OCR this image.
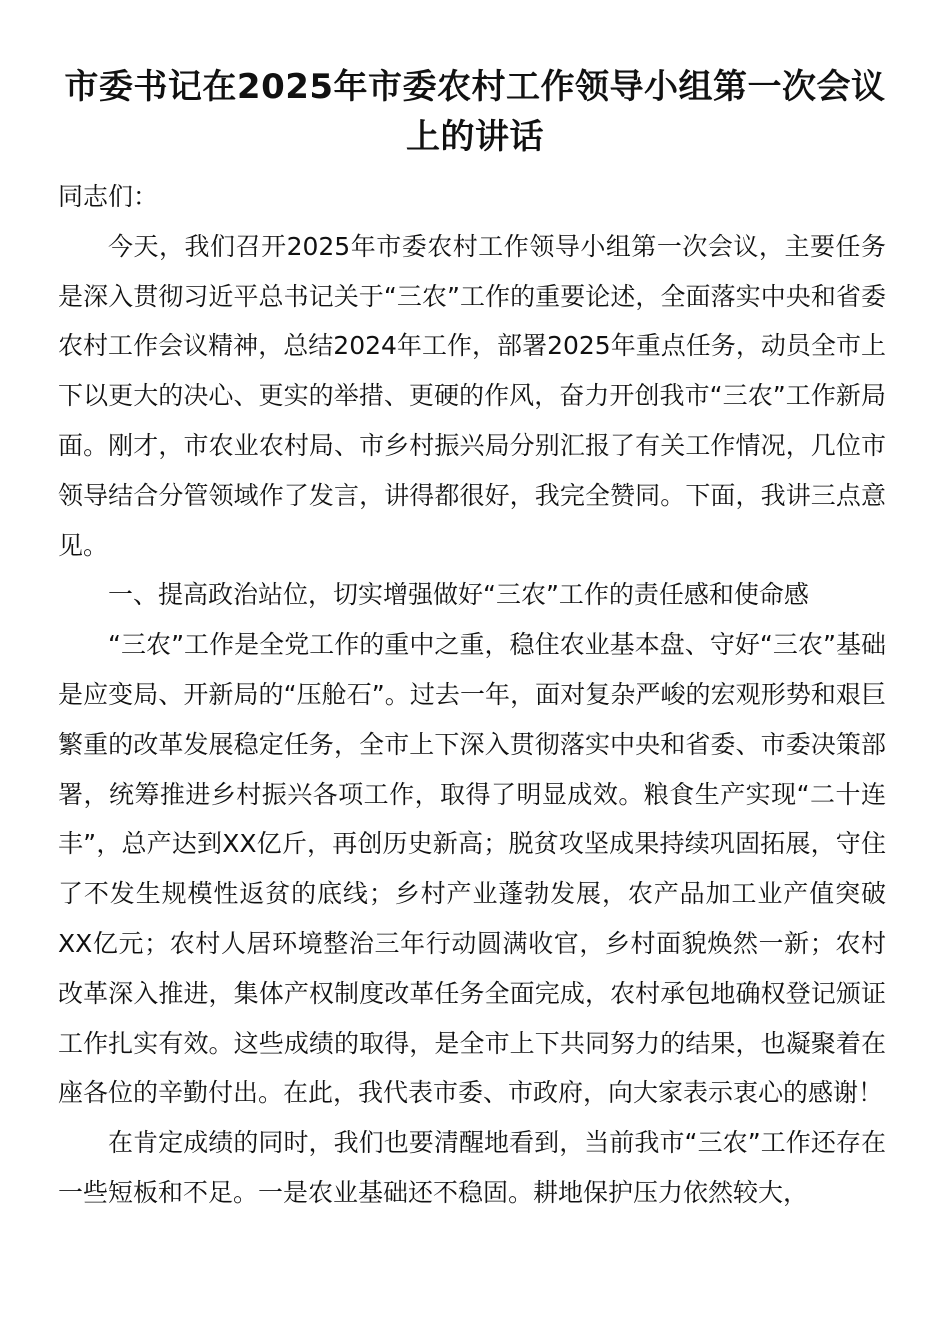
市委书记在2025年市委农村工作领导小组第一次会议上的讲话

同志们：

今天，我们召开2025年市委农村工作领导小组第一次会议，主要任务是深入贯彻习近平总书记关于“三农”工作的重要论述，全面落实中央和省委农村工作会议精神，总结2024年工作，部署2025年重点任务，动员全市上下以更大的决心、更实的举措、更硬的作风，奋力开创我市“三农”工作新局面。刚才，市农业农村局、市乡村振兴局分别汇报了有关工作情况，几位市领导结合分管领域作了发言，讲得都很好，我完全赞同。下面，我讲三点意见。

一、提高政治站位，切实增强做好“三农”工作的责任感和使命感

“三农”工作是全党工作的重中之重，稳住农业基本盘、守好“三农”基础是应变局、开新局的“压舱石”。过去一年，面对复杂严峻的宏观形势和艰巨繁重的改革发展稳定任务，全市上下深入贯彻落实中央和省委、市委决策部署，统筹推进乡村振兴各项工作，取得了明显成效。粮食生产实现“二十连丰”，总产达到XX亿斤，再创历史新高；脱贫攻坚成果持续巩固拓展，守住了不发生规模性返贫的底线；乡村产业蓬勃发展，农产品加工业产值突破XX亿元；农村人居环境整治三年行动圆满收官，乡村面貌焕然一新；农村改革深入推进，集体产权制度改革任务全面完成，农村承包地确权登记颁证工作扎实有效。这些成绩的取得，是全市上下共同努力的结果，也凝聚着在座各位的辛勤付出。在此，我代表市委、市政府，向大家表示衷心的感谢！

在肯定成绩的同时，我们也要清醒地看到，当前我市“三农”工作还存在一些短板和不足。一是农业基础还不稳固。耕地保护压力依然较大，
